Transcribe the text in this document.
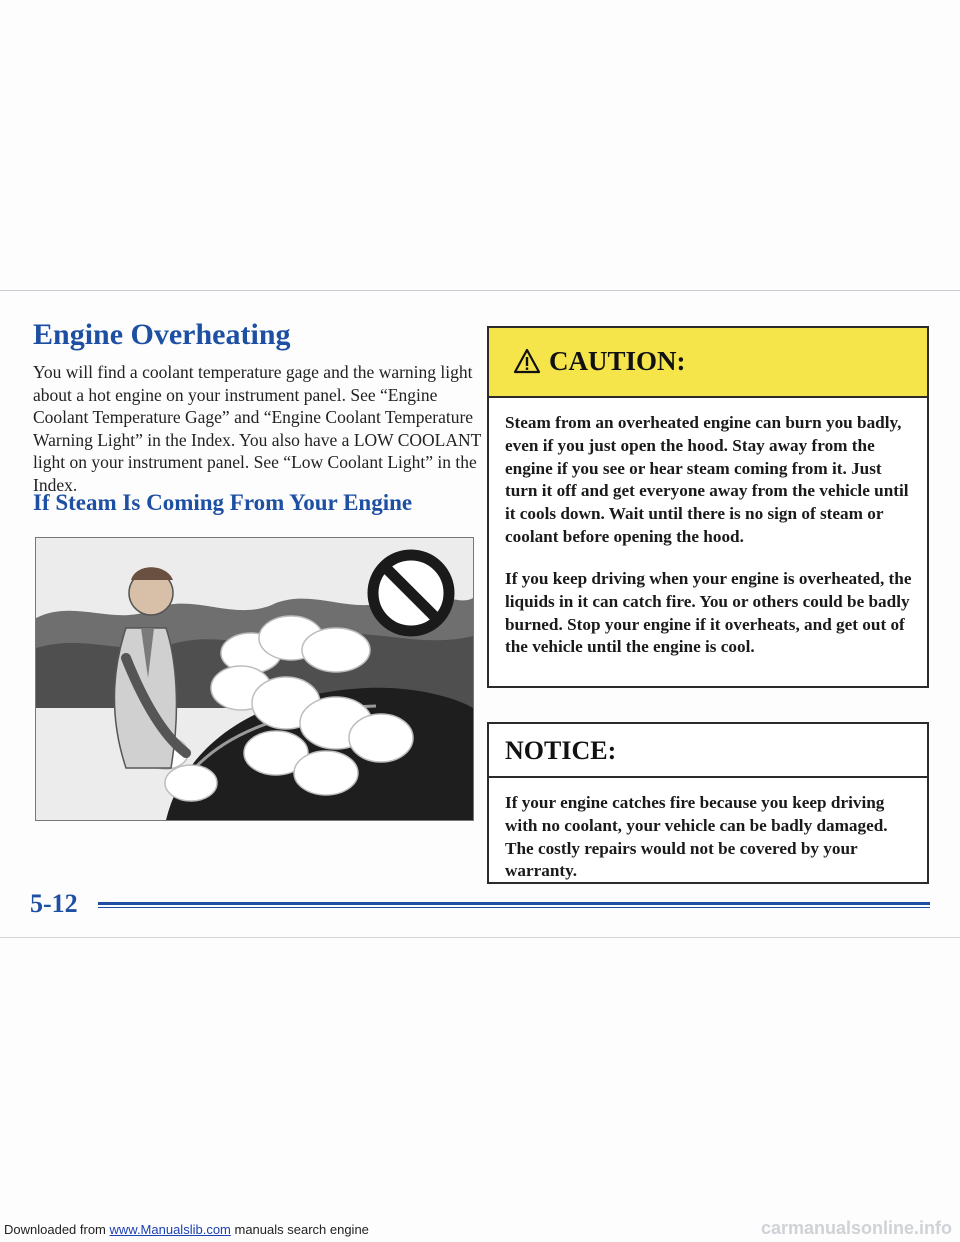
Engine Overheating

You will find a coolant temperature gage and the warning light about a hot engine on your instrument panel. See “Engine Coolant Temperature Gage” and “Engine Coolant Temperature Warning Light” in the Index. You also have a LOW COOLANT light on your instrument panel. See “Low Coolant Light” in the Index.

If Steam Is Coming From Your Engine
CAUTION:

Steam from an overheated engine can burn you badly, even if you just open the hood. Stay away from the engine if you see or hear steam coming from it. Just turn it off and get everyone away from the vehicle until it cools down. Wait until there is no sign of steam or coolant before opening the hood.

If you keep driving when your engine is overheated, the liquids in it can catch fire. You or others could be badly burned. Stop your engine if it overheats, and get out of the vehicle until the engine is cool.

NOTICE:

If your engine catches fire because you keep driving with no coolant, your vehicle can be badly damaged. The costly repairs would not be covered by your warranty.

5-12
Downloaded from www.Manualslib.com manuals search engine	carmanualsonline.info
